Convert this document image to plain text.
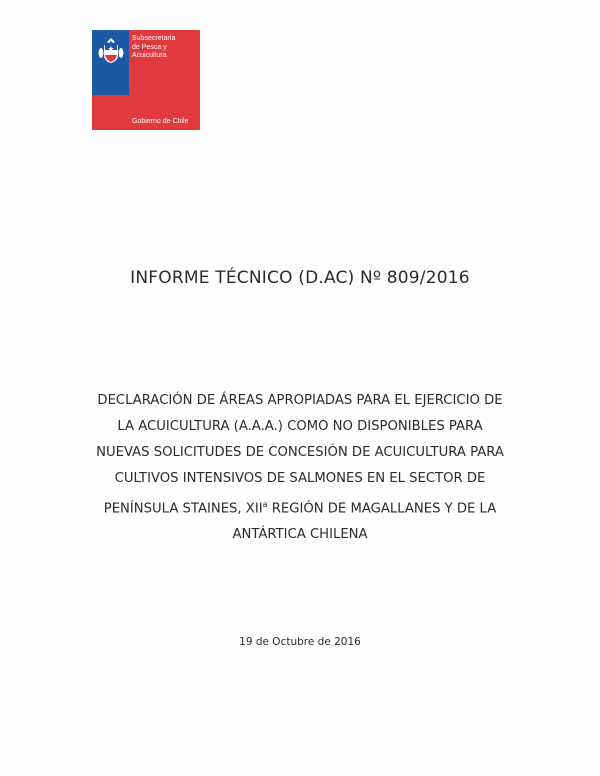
Subsecretaría
de Pesca y
Acuicultura
Gobierno de Chile
INFORME TÉCNICO (D.AC) Nº 809/2016
DECLARACIÓN DE ÁREAS APROPIADAS PARA EL EJERCICIO DE
LA ACUICULTURA (A.A.A.) COMO NO DISPONIBLES PARA
NUEVAS SOLICITUDES DE CONCESIÓN DE ACUICULTURA PARA
CULTIVOS INTENSIVOS DE SALMONES EN EL SECTOR DE
PENÍNSULA STAINES, XII$^a$ REGIÓN DE MAGALLANES Y DE LA
ANTÁRTICA CHILENA
19 de Octubre de 2016
